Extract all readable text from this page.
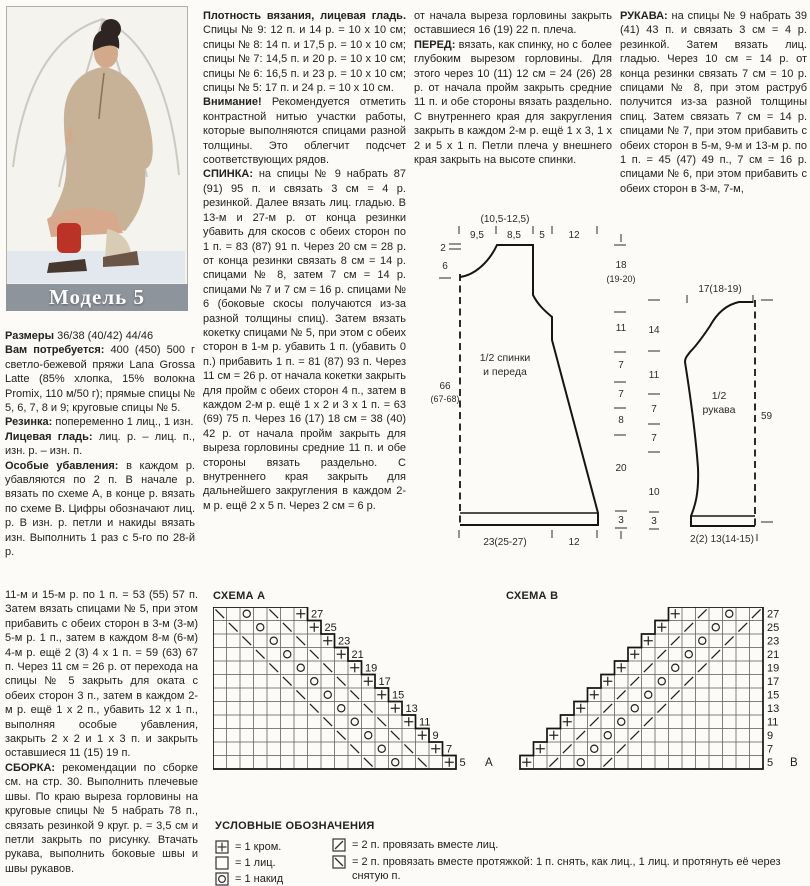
Модель 5

Размеры 36/38 (40/42) 44/46

Вам потребуется: 400 (450) 500 г светло-бежевой пряжи Lana Grossa Latte (85% хлопка, 15% волокна Promix, 110 м/50 г); прямые спицы № 5, 6, 7, 8 и 9; круговые спицы № 5.

Резинка: попеременно 1 лиц., 1 изн.

Лицевая гладь: лиц. р. – лиц. п., изн. р. – изн. п.

Особые убавления: в каждом р. убавляются по 2 п. В начале р. вязать по схеме А, в конце р. вязать по схеме В. Цифры обозначают лиц. р. В изн. р. петли и накиды вязать изн. Выполнить 1 раз с 5-го по 28-й р.

Плотность вязания, лицевая гладь. Спицы № 9: 12 п. и 14 р. = 10 x 10 см; спицы № 8: 14 п. и 17,5 р. = 10 x 10 см; спицы № 7: 14,5 п. и 20 р. = 10 x 10 см; спицы № 6: 16,5 п. и 23 р. = 10 x 10 см; спицы № 5: 17 п. и 24 р. = 10 x 10 см.

Внимание! Рекомендуется отметить контрастной нитью участки работы, которые выполняются спицами разной толщины. Это облегчит подсчет соответствующих рядов.

СПИНКА: на спицы № 9 набрать 87 (91) 95 п. и связать 3 см = 4 р. резинкой. Далее вязать лиц. гладью. В 13-м и 27-м р. от конца резинки убавить для скосов с обеих сторон по 1 п. = 83 (87) 91 п. Через 20 см = 28 р. от конца резинки связать 8 см = 14 р. спицами № 8, затем 7 см = 14 р. спицами № 7 и 7 см = 16 р. спицами № 6 (боковые скосы получаются из-за разной толщины спиц). Затем вязать кокетку спицами № 5, при этом с обеих сторон в 1-м р. убавить 1 п. (убавить 0 п.) прибавить 1 п. = 81 (87) 93 п. Через 11 см = 26 р. от начала кокетки закрыть для пройм с обеих сторон 4 п., затем в каждом 2-м р. ещё 1 x 2 и 3 x 1 п. = 63 (69) 75 п. Через 16 (17) 18 см = 38 (40) 42 р. от начала пройм закрыть для выреза горловины средние 11 п. и обе стороны вязать раздельно. С внутреннего края закрыть для дальнейшего закругления в каждом 2-м р. ещё 2 x 5 п. Через 2 см = 6 р.

от начала выреза горловины закрыть оставшиеся 16 (19) 22 п. плеча.

ПЕРЕД: вязать, как спинку, но с более глубоким вырезом горловины. Для этого через 10 (11) 12 см = 24 (26) 28 р. от начала пройм закрыть средние 11 п. и обе стороны вязать раздельно. С внутреннего края для закругления закрыть в каждом 2-м р. ещё 1 x 3, 1 x 2 и 5 x 1 п. Петли плеча у внешнего края закрыть на высоте спинки.

РУКАВА: на спицы № 9 набрать 39 (41) 43 п. и связать 3 см = 4 р. резинкой. Затем вязать лиц. гладью. Через 10 см = 14 р. от конца резинки связать 7 см = 10 р. спицами № 8, при этом раструб получится из-за разной толщины спиц. Затем связать 7 см = 14 р. спицами № 7, при этом прибавить с обеих сторон в 5-м, 9-м и 13-м р. по 1 п. = 45 (47) 49 п., 7 см = 16 р. спицами № 6, при этом прибавить с обеих сторон в 3-м, 7-м,

11-м и 15-м р. по 1 п. = 53 (55) 57 п. Затем вязать спицами № 5, при этом прибавить с обеих сторон в 3-м (3-м) 5-м р. 1 п., затем в каждом 8-м (6-м) 4-м р. ещё 2 (3) 4 x 1 п. = 59 (63) 67 п. Через 11 см = 26 р. от перехода на спицы № 5 закрыть для оката с обеих сторон 3 п., затем в каждом 2-м р. ещё 1 x 2 п., убавить 12 x 1 п., выполняя особые убавления, закрыть 2 x 2 и 1 x 3 п. и закрыть оставшиеся 11 (15) 19 п.

СБОРКА: рекомендации по сборке см. на стр. 30. Выполнить плечевые швы. По краю выреза горловины на круговые спицы № 5 набрать 78 п., связать резинкой 9 круг. р. = 3,5 см и петли закрыть по рисунку. Втачать рукава, выполнить боковые швы и швы рукавов.

(10,5-12,5)
9,5 8,5 5 12
1/2 спинки
и переда
2
6
66
(67-68)
18
(19-20)
11
7
7
8
20
3
23(25-27)	12
17(18-19)
1/2
рукава
14
11
7
7
10
3
59
2(2) 13(14-15)
СХЕМА A
27
25
23
21
19
17
15
13
11
9
7
5 A
СХЕМА B
27
25
23
21
19
17
15
13
11
9
7
5 B
УСЛОВНЫЕ ОБОЗНАЧЕНИЯ
= 1 кром.
= 1 лиц.
= 1 накид
= 2 п. провязать вместе лиц.
= 2 п. провязать вместе протяжкой: 1 п. снять, как лиц., 1 лиц. и протянуть её через снятую п.
